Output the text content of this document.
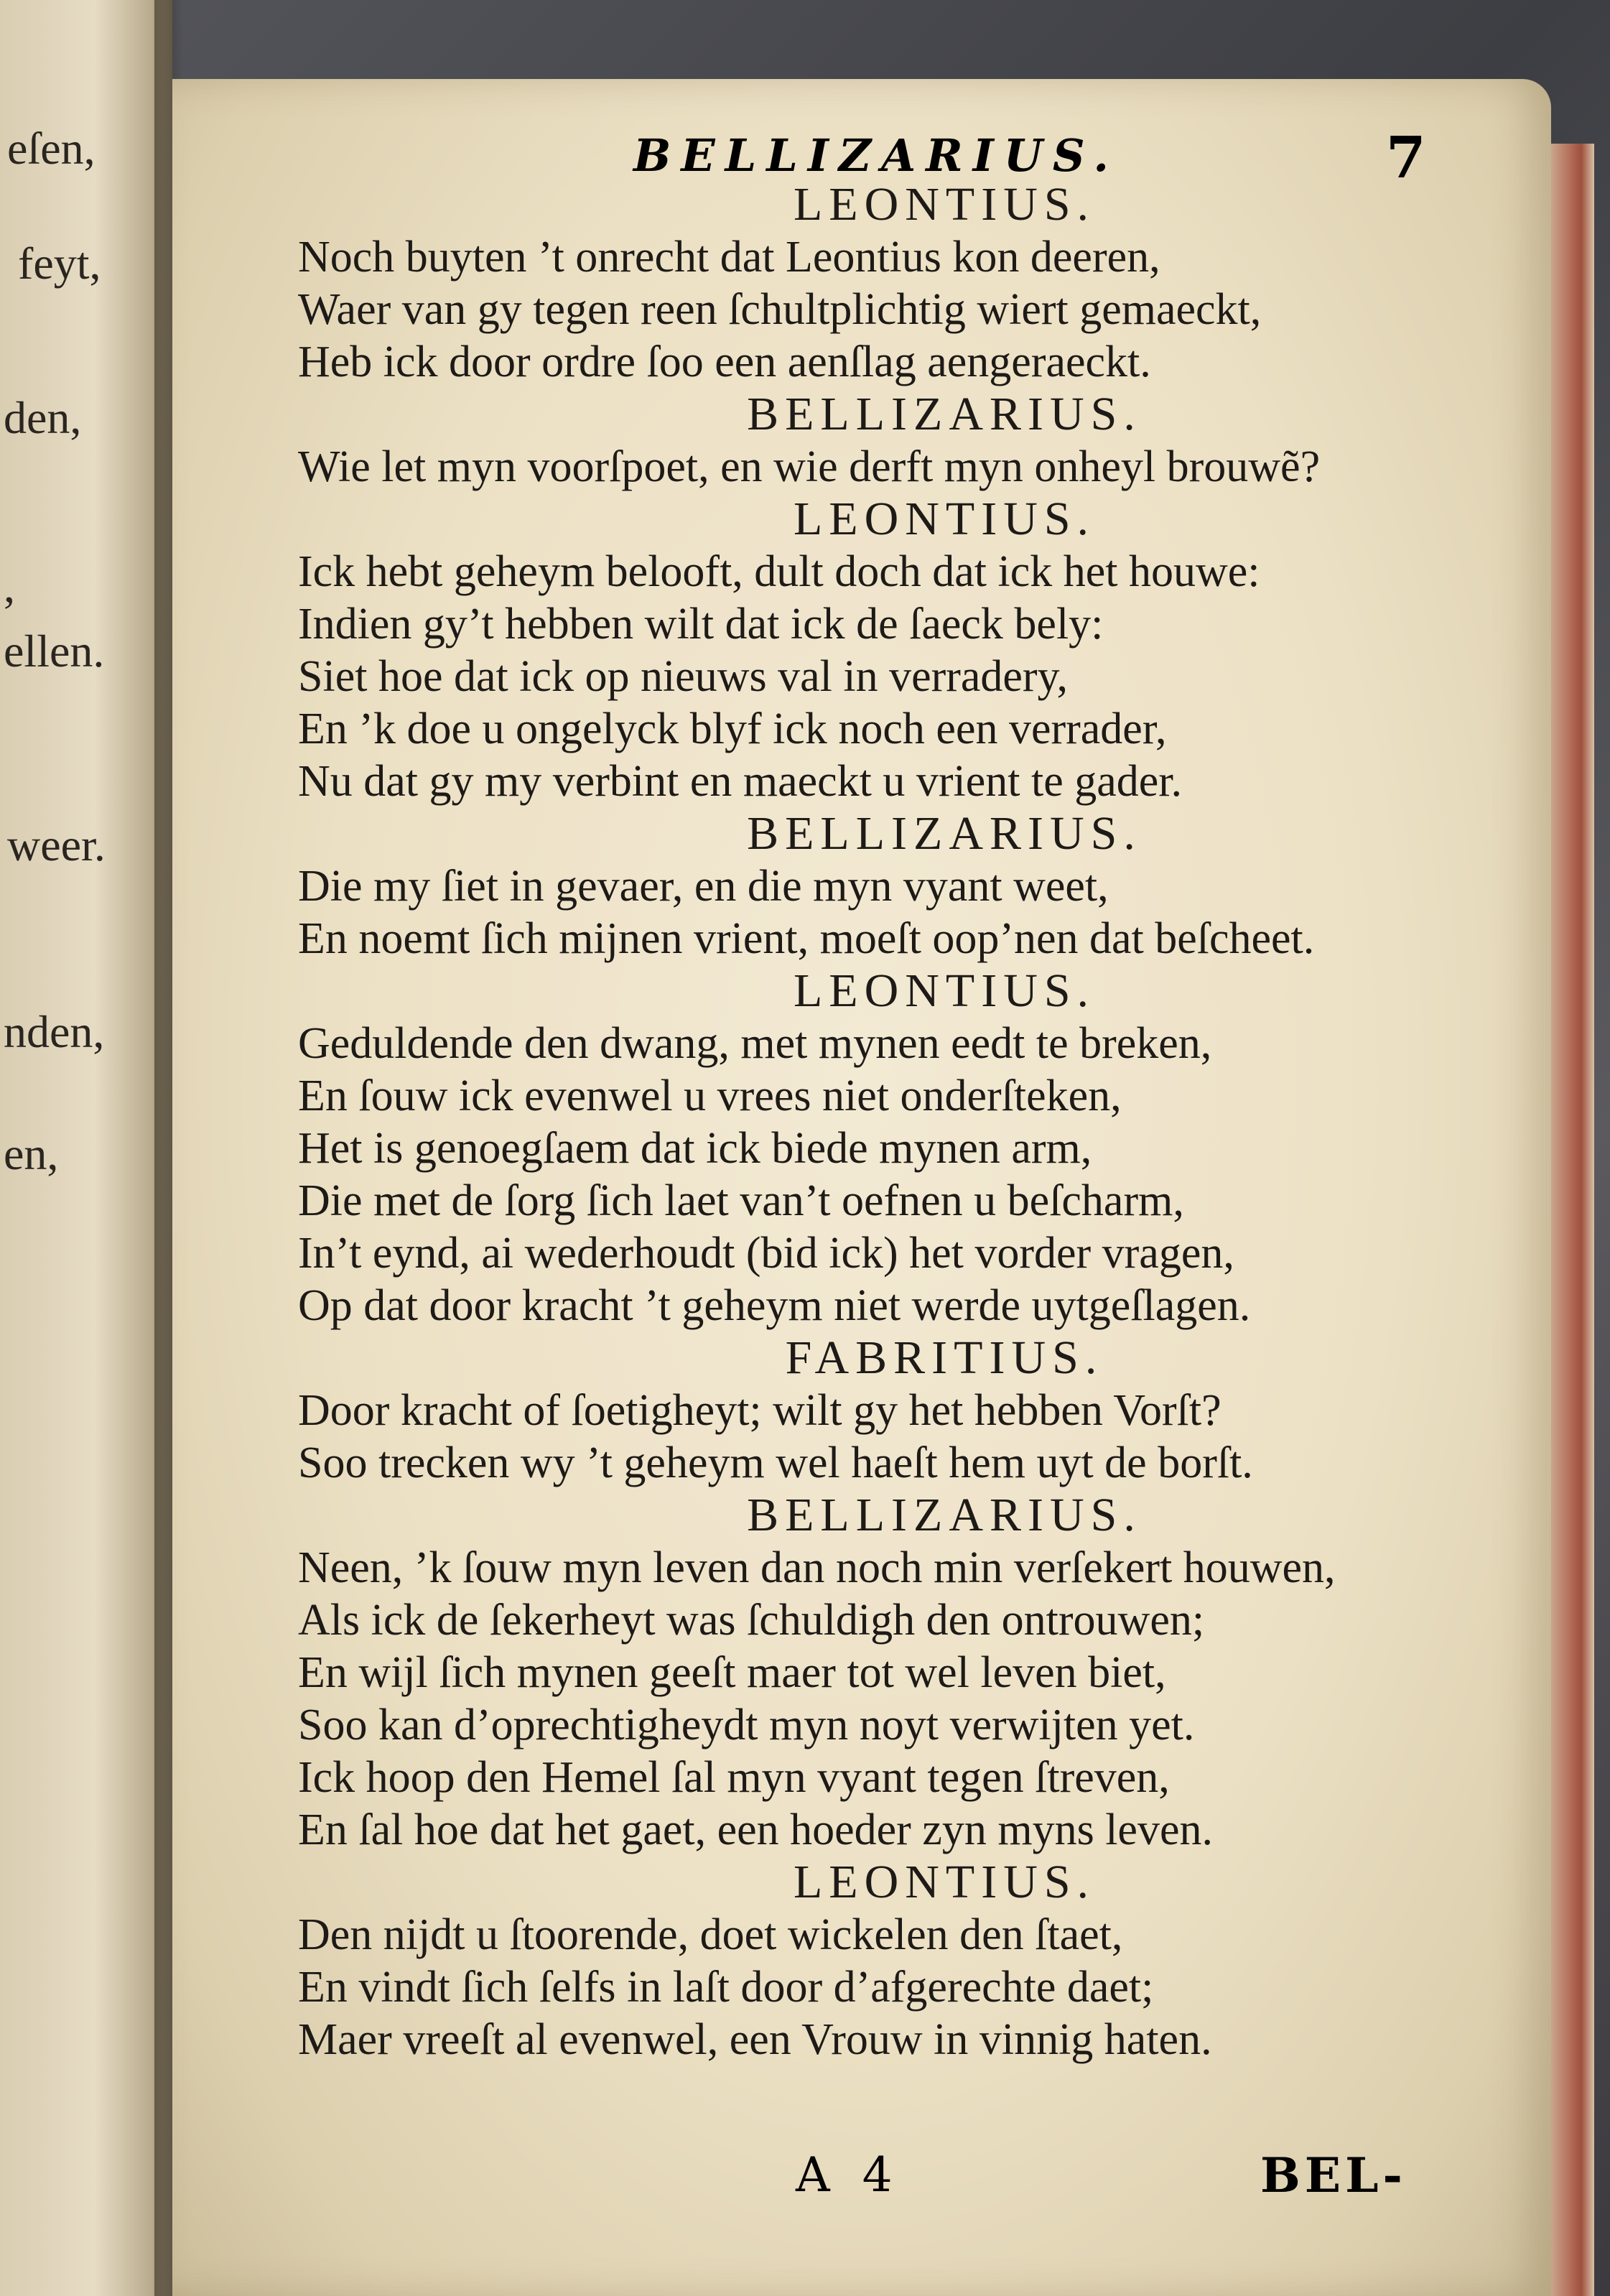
eſen,
feyt,
den,
,
ellen.
weer.
nden,
en,
BELLIZARIUS.	7
LEONTIUS.
Noch buyten ’t onrecht dat Leontius kon deeren,
Waer van gy tegen reen ſchultplichtig wiert gemaeckt,
Heb ick door ordre ſoo een aenſlag aengeraeckt.
BELLIZARIUS.
Wie let myn voorſpoet, en wie derft myn onheyl brouwẽ?
LEONTIUS.
Ick hebt geheym belooft, dult doch dat ick het houwe:
Indien gy’t hebben wilt dat ick de ſaeck bely:
Siet hoe dat ick op nieuws val in verradery,
En ’k doe u ongelyck blyf ick noch een verrader,
Nu dat gy my verbint en maeckt u vrient te gader.
BELLIZARIUS.
Die my ſiet in gevaer, en die myn vyant weet,
En noemt ſich mijnen vrient, moeſt oop’nen dat beſcheet.
LEONTIUS.
Geduldende den dwang, met mynen eedt te breken,
En ſouw ick evenwel u vrees niet onderſteken,
Het is genoegſaem dat ick biede mynen arm,
Die met de ſorg ſich laet van’t oefnen u beſcharm,
In’t eynd, ai wederhoudt (bid ick) het vorder vragen,
Op dat door kracht ’t geheym niet werde uytgeſlagen.
FABRITIUS.
Door kracht of ſoetigheyt; wilt gy het hebben Vorſt?
Soo trecken wy ’t geheym wel haeſt hem uyt de borſt.
BELLIZARIUS.
Neen, ’k ſouw myn leven dan noch min verſekert houwen,
Als ick de ſekerheyt was ſchuldigh den ontrouwen;
En wijl ſich mynen geeſt maer tot wel leven biet,
Soo kan d’oprechtigheydt myn noyt verwijten yet.
Ick hoop den Hemel ſal myn vyant tegen ſtreven,
En ſal hoe dat het gaet, een hoeder zyn myns leven.
LEONTIUS.
Den nijdt u ſtoorende, doet wickelen den ſtaet,
En vindt ſich ſelfs in laſt door d’afgerechte daet;
Maer vreeſt al evenwel, een Vrouw in vinnig haten.
A 4	BEL-
